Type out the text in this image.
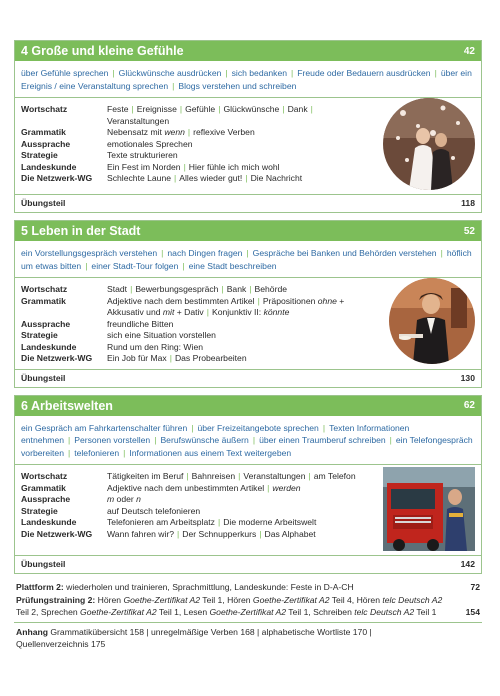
4 Große und kleine Gefühle	42
über Gefühle sprechen | Glückwünsche ausdrücken | sich bedanken | Freude oder Bedauern ausdrücken | über ein Ereignis / eine Veranstaltung sprechen | Blogs verstehen und schreiben
Wortschatz	Feste | Ereignisse | Gefühle | Glückwünsche | Dank |
Veranstaltungen
Grammatik	Nebensatz mit wenn | reflexive Verben
Aussprache	emotionales Sprechen
Strategie	Texte strukturieren
Landeskunde	Ein Fest im Norden | Hier fühle ich mich wohl
Die Netzwerk-WG	Schlechte Laune | Alles wieder gut! | Die Nachricht
Übungsteil	118
5 Leben in der Stadt	52
ein Vorstellungsgespräch verstehen | nach Dingen fragen | Gespräche bei Banken und Behörden verstehen | höflich um etwas bitten | einer Stadt-Tour folgen | eine Stadt beschreiben
Wortschatz	Stadt | Bewerbungsgespräch | Bank | Behörde
Grammatik	Adjektive nach dem bestimmten Artikel | Präpositionen ohne + Akkusativ und mit + Dativ | Konjunktiv II: könnte
Aussprache	freundliche Bitten
Strategie	sich eine Situation vorstellen
Landeskunde	Rund um den Ring: Wien
Die Netzwerk-WG	Ein Job für Max | Das Probearbeiten
Übungsteil	130
6 Arbeitswelten	62
ein Gespräch am Fahrkartenschalter führen | über Freizeitangebote sprechen | Texten Informationen entnehmen | Personen vorstellen | Berufswünsche äußern | über einen Traumberuf schreiben | ein Telefongespräch vorbereiten | telefonieren | Informationen aus einem Text weitergeben
Wortschatz	Tätigkeiten im Beruf | Bahnreisen | Veranstaltungen | am Telefon
Grammatik	Adjektive nach dem unbestimmten Artikel | werden
Aussprache	m oder n
Strategie	auf Deutsch telefonieren
Landeskunde	Telefonieren am Arbeitsplatz | Die moderne Arbeitswelt
Die Netzwerk-WG	Wann fahren wir? | Der Schnupperkurs | Das Alphabet
Übungsteil	142
Plattform 2: wiederholen und trainieren, Sprachmittlung, Landeskunde: Feste in D-A-CH	72
Prüfungstraining 2: Hören Goethe-Zertifikat A2 Teil 1, Hören Goethe-Zertifikat A2 Teil 4, Hören telc Deutsch A2
Teil 2, Sprechen Goethe-Zertifikat A2 Teil 1, Lesen Goethe-Zertifikat A2 Teil 1, Schreiben telc Deutsch A2 Teil 1	154
Anhang Grammatikübersicht 158 | unregelmäßige Verben 168 | alphabetische Wortliste 170 |
Quellenverzeichnis 175
